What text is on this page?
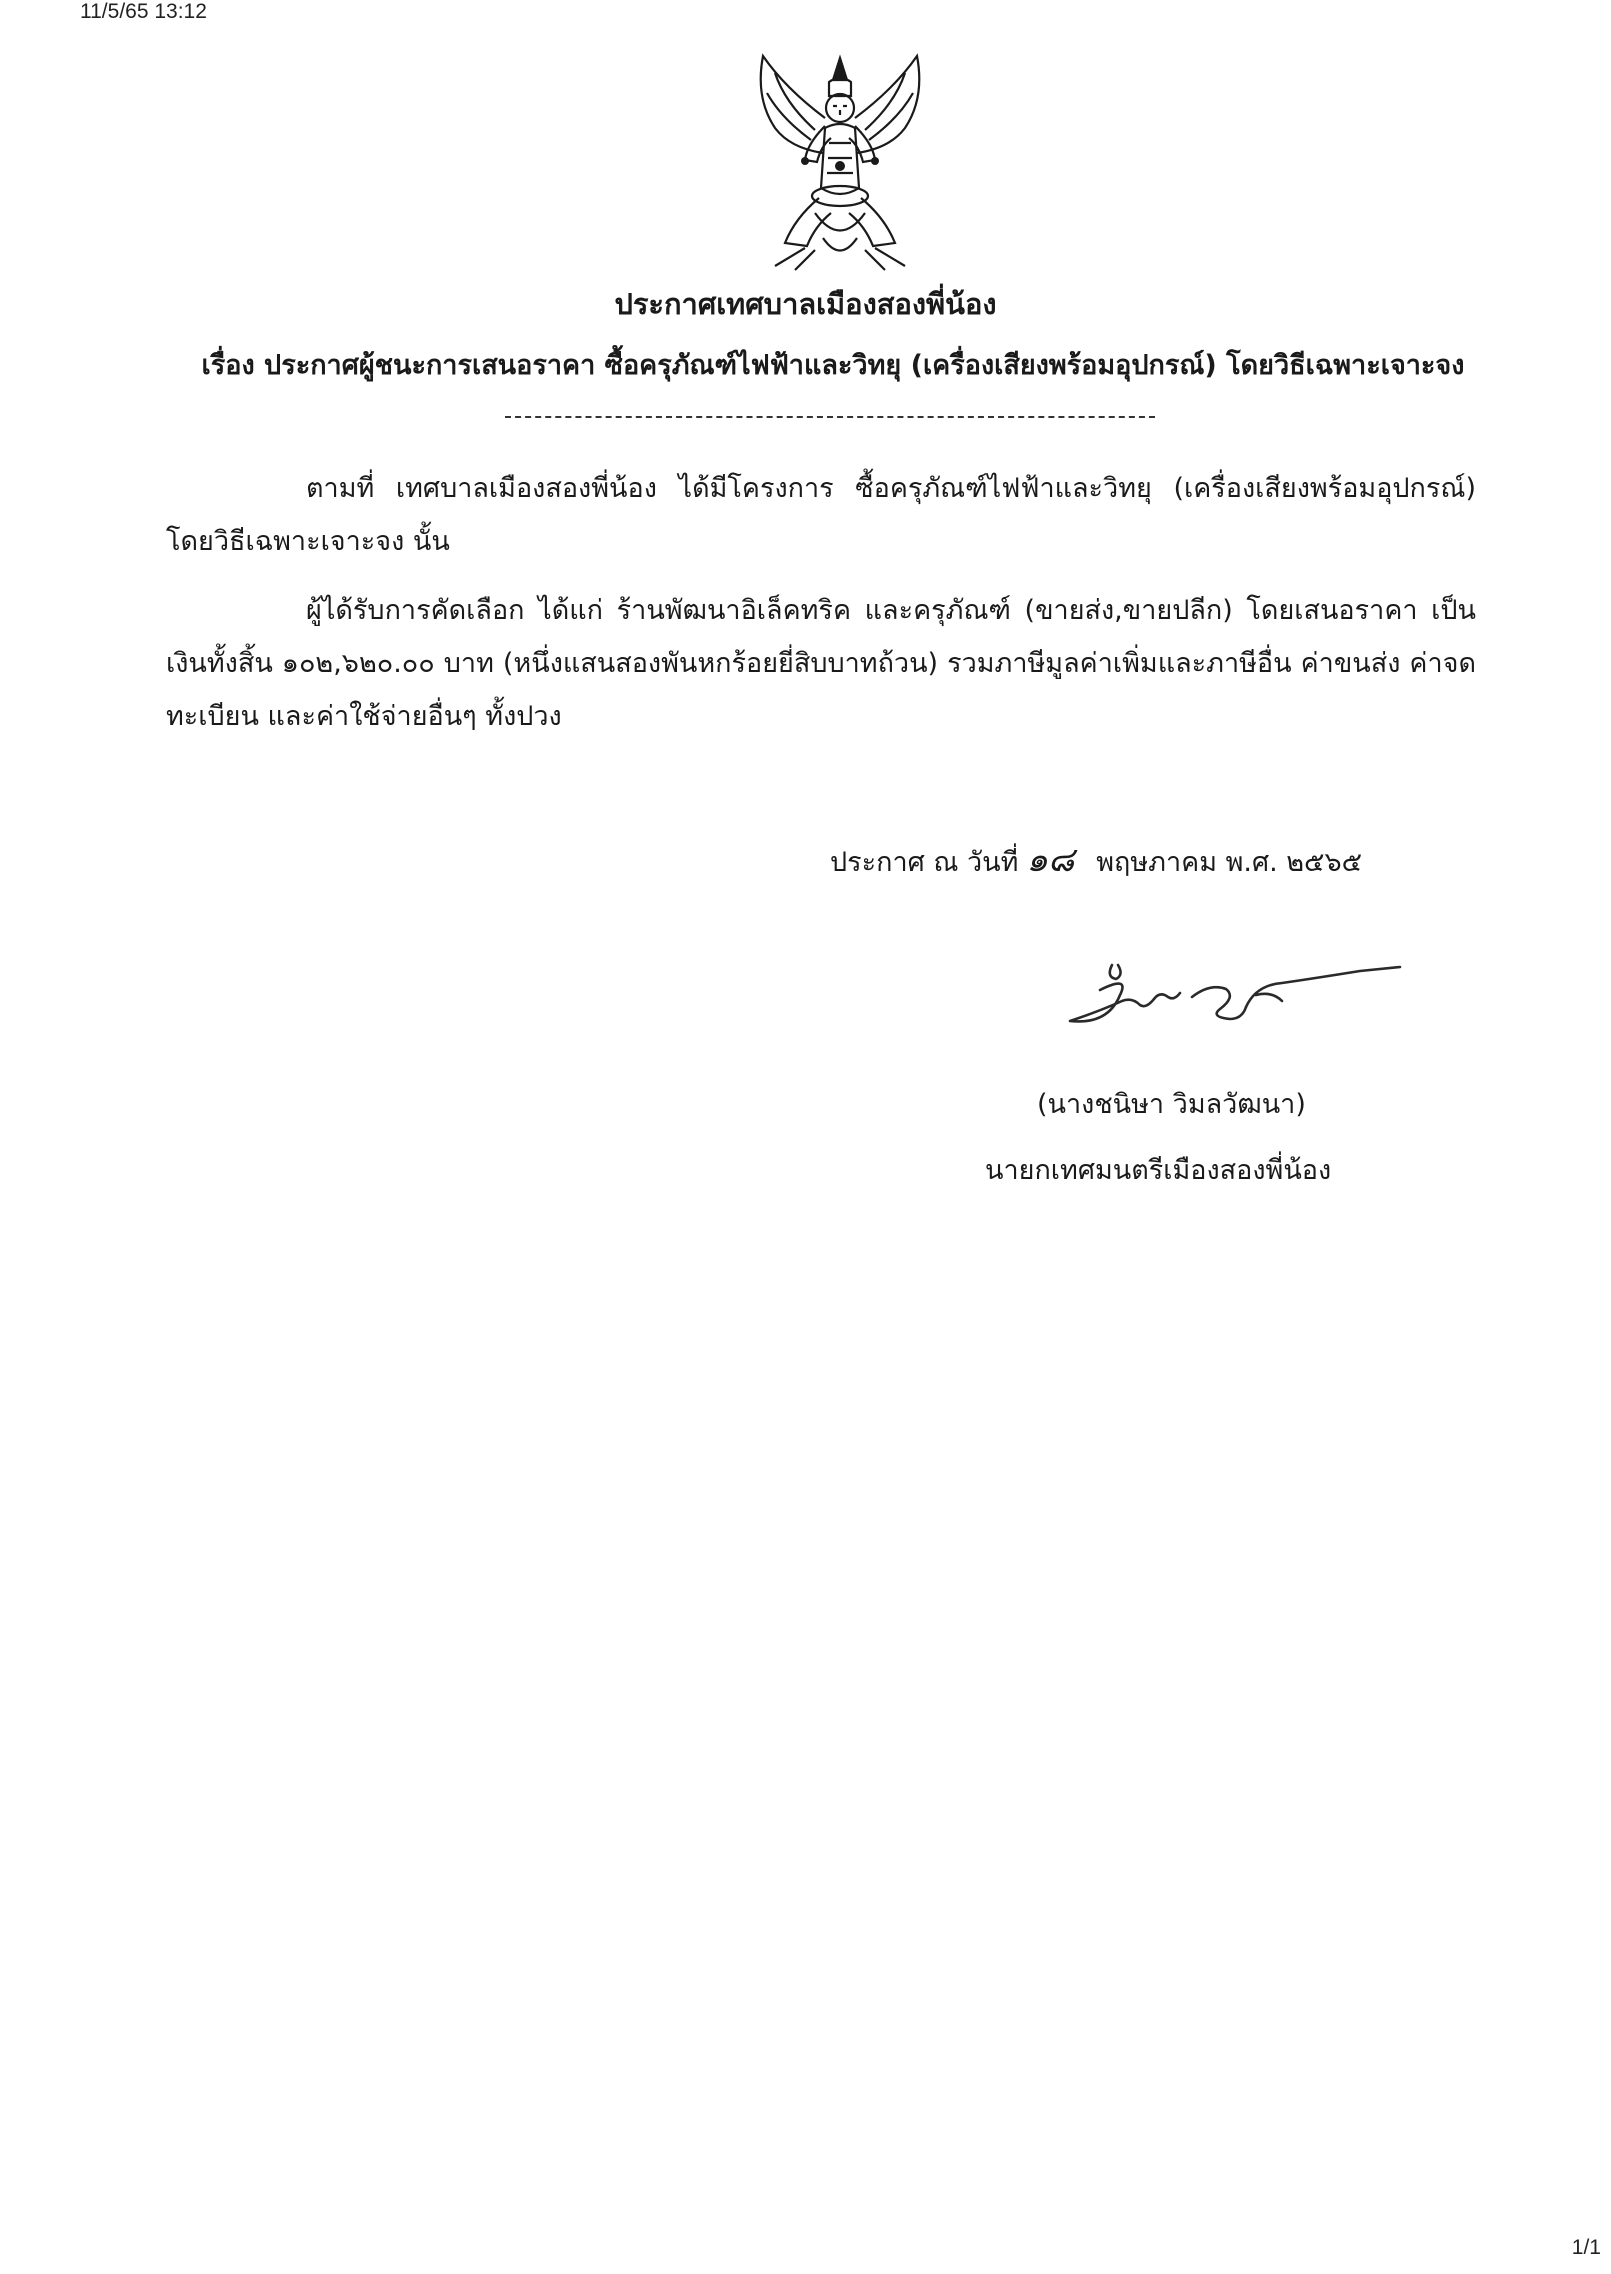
11/5/65 13:12

ประกาศเทศบาลเมืองสองพี่น้อง

เรื่อง ประกาศผู้ชนะการเสนอราคา ซื้อครุภัณฑ์ไฟฟ้าและวิทยุ (เครื่องเสียงพร้อมอุปกรณ์) โดยวิธีเฉพาะเจาะจง

ตามที่ เทศบาลเมืองสองพี่น้อง ได้มีโครงการ ซื้อครุภัณฑ์ไฟฟ้าและวิทยุ (เครื่องเสียงพร้อมอุปกรณ์) โดยวิธีเฉพาะเจาะจง นั้น

ผู้ได้รับการคัดเลือก ได้แก่ ร้านพัฒนาอิเล็คทริค และครุภัณฑ์ (ขายส่ง,ขายปลีก) โดยเสนอราคา เป็นเงินทั้งสิ้น ๑๐๒,๖๒๐.๐๐ บาท (หนึ่งแสนสองพันหกร้อยยี่สิบบาทถ้วน) รวมภาษีมูลค่าเพิ่มและภาษีอื่น ค่าขนส่ง ค่าจดทะเบียน และค่าใช้จ่ายอื่นๆ ทั้งปวง

ประกาศ ณ วันที่ ๑๘ พฤษภาคม พ.ศ. ๒๕๖๕

(นางชนิษา วิมลวัฒนา)

นายกเทศมนตรีเมืองสองพี่น้อง

1/1
